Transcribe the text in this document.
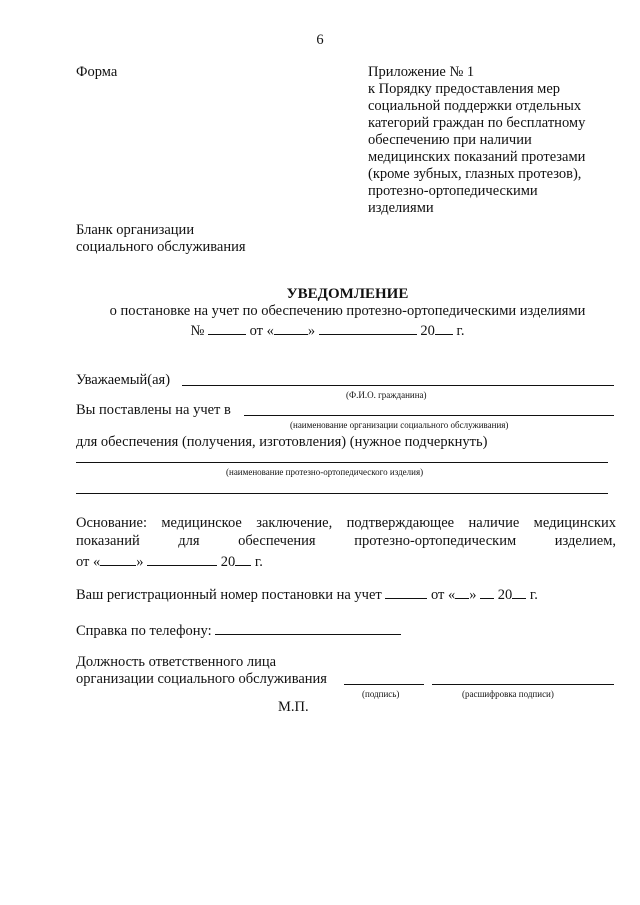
6
Форма	Приложение № 1
к Порядку предоставления мер
социальной поддержки отдельных
категорий граждан по бесплатному
обеспечению при наличии
медицинских показаний протезами
(кроме зубных, глазных протезов),
протезно-ортопедическими
изделиями
Бланк организации
социального обслуживания
УВЕДОМЛЕНИЕ
о постановке на учет по обеспечению протезно-ортопедическими изделиями
№	от « »	20 г.
Уважаемый(ая)
(Ф.И.О. гражданина)
Вы поставлены на учет в
(наименование организации социального обслуживания)
для обеспечения (получения, изготовления) (нужное подчеркнуть)
(наименование протезно-ортопедического изделия)
Основание: медицинское заключение, подтверждающее наличие медицинских
показаний для обеспечения протезно-ортопедическим изделием,
от « »	20 г.
Ваш регистрационный номер постановки на учет	от « » 20 г.
Справка по телефону:
Должность ответственного лица
организации социального обслуживания
(подпись)	(расшифровка подписи)
М.П.
